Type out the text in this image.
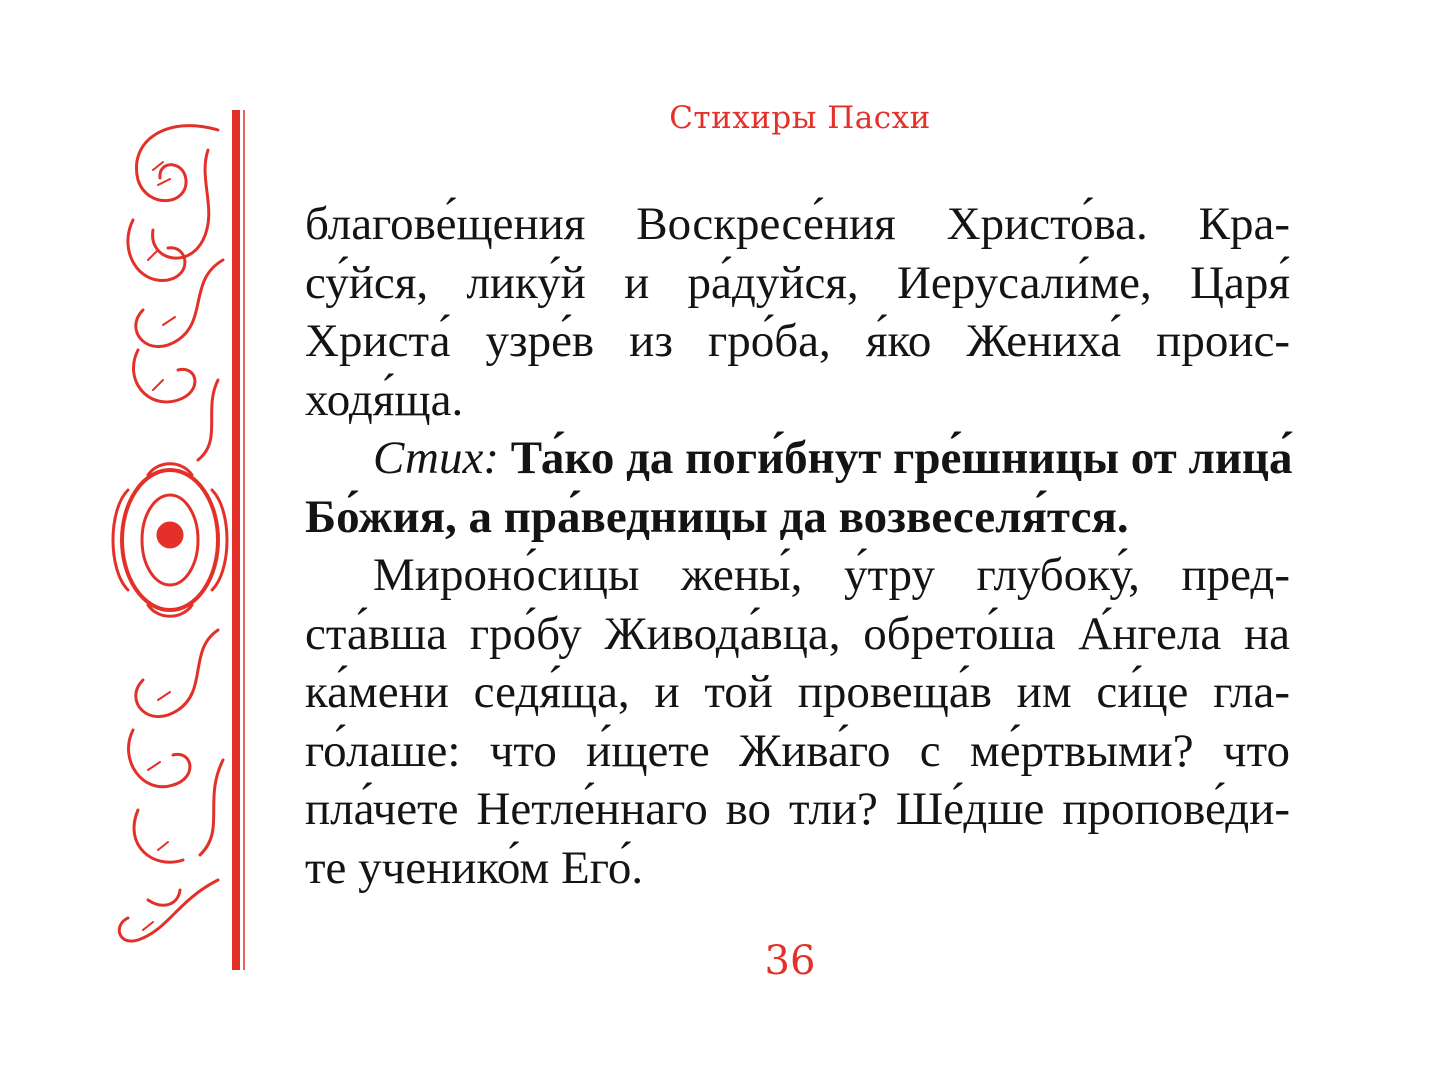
Стихиры Пасхи
благове́щения Воскресе́ния Христо́ва. Кра-
су́йся, лику́й и ра́дуйся, Иерусали́ме, Царя́
Христа́ узре́в из гро́ба, я́ко Жениха́ проис-
ходя́ща.
Стих: Та́ко да поги́бнут гре́шницы от лица́
Бо́жия, а пра́ведницы да возвеселя́тся.
Мироно́сицы жены́, у́тру глубоку́, пред-
ста́вша гро́бу Живода́вца, обрето́ша А́нгела на
ка́мени седя́ща, и той провеща́в им си́це гла-
го́лаше: что и́щете Жива́го с ме́ртвыми? что
пла́чете Нетле́ннаго во тли? Ше́дше пропове́ди-
те ученико́м Его́.
36
